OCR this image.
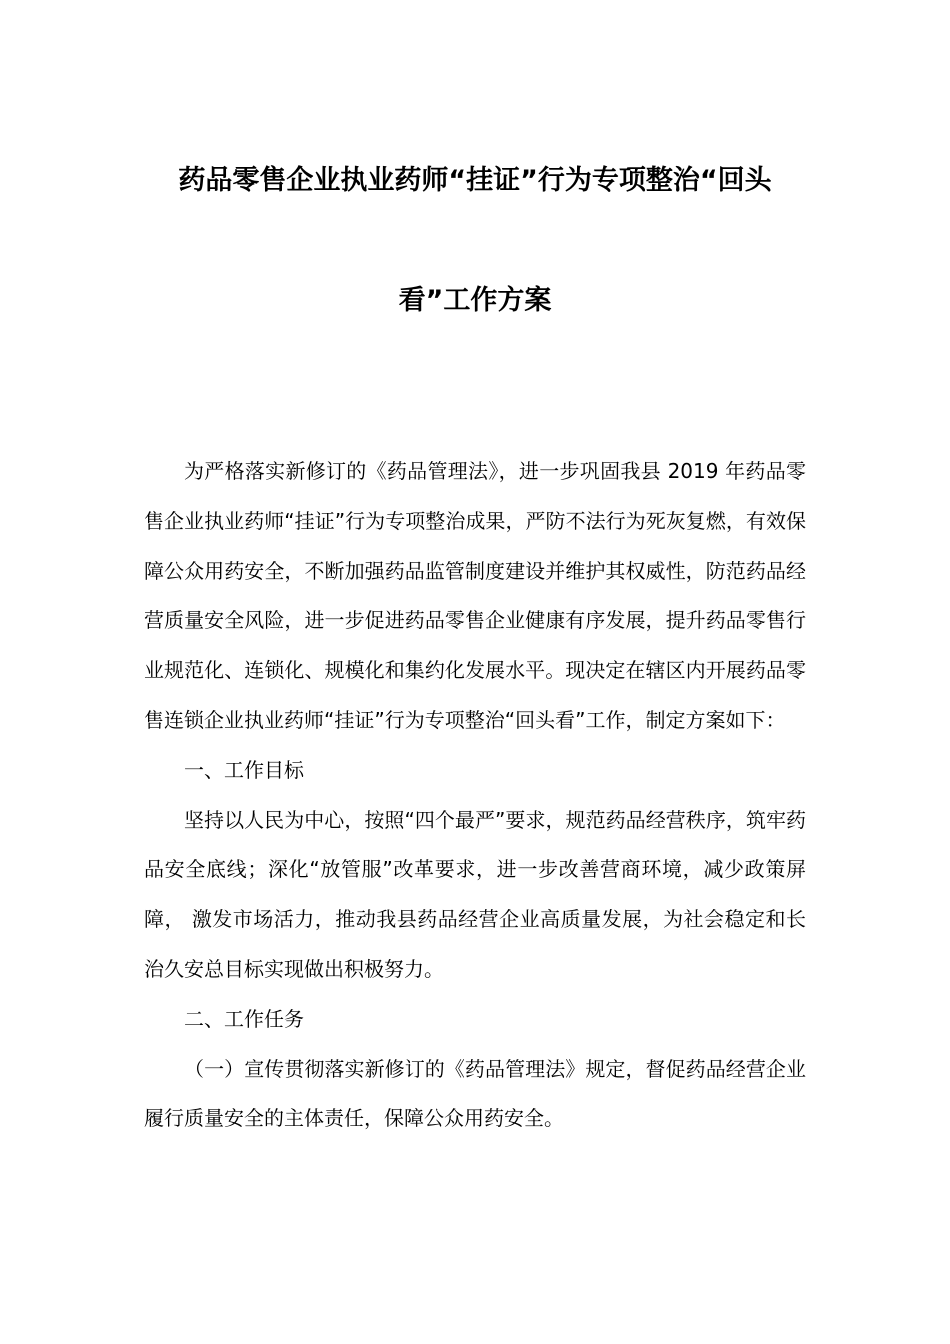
药品零售企业执业药师“挂证”行为专项整治“回头
看”工作方案

为严格落实新修订的《药品管理法》，进一步巩固我县 2019 年药品零售企业执业药师“挂证”行为专项整治成果，严防不法行为死灰复燃，有效保障公众用药安全，不断加强药品监管制度建设并维护其权威性，防范药品经营质量安全风险，进一步促进药品零售企业健康有序发展，提升药品零售行业规范化、连锁化、规模化和集约化发展水平。现决定在辖区内开展药品零售连锁企业执业药师“挂证”行为专项整治“回头看”工作，制定方案如下：

一、工作目标

坚持以人民为中心，按照“四个最严”要求，规范药品经营秩序，筑牢药品安全底线；深化“放管服”改革要求，进一步改善营商环境，减少政策屏障， 激发市场活力，推动我县药品经营企业高质量发展，为社会稳定和长治久安总目标实现做出积极努力。

二、工作任务

（一）宣传贯彻落实新修订的《药品管理法》规定，督促药品经营企业履行质量安全的主体责任，保障公众用药安全。
